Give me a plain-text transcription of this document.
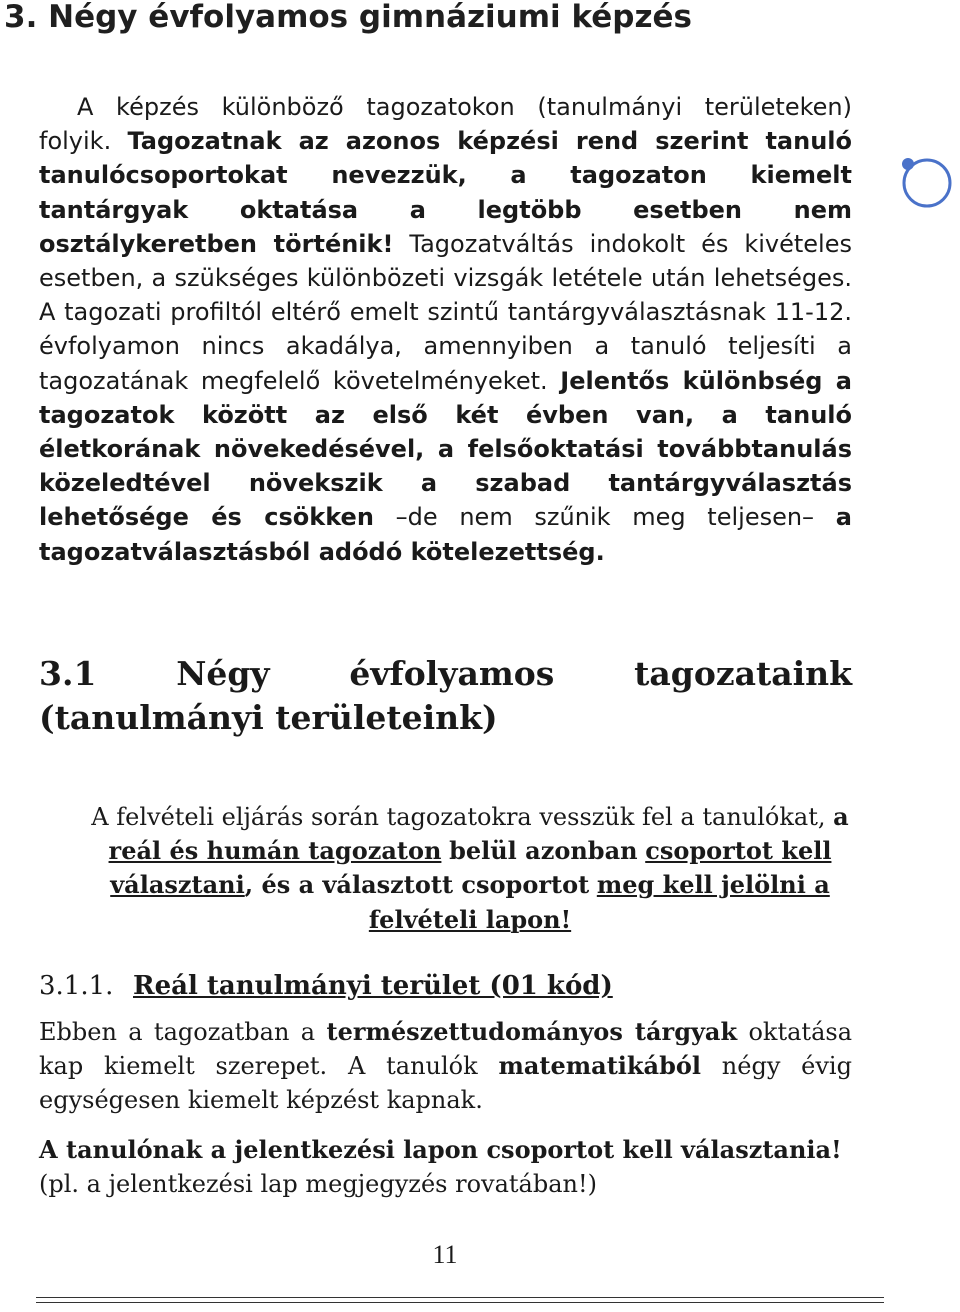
3. Négy évfolyamos gimnáziumi képzés

A képzés különböző tagozatokon (tanulmányi területeken) folyik. Tagozatnak az azonos képzési rend szerint tanuló tanulócsoportokat nevezzük, a tagozaton kiemelt tantárgyak oktatása a legtöbb esetben nem osztálykeretben történik! Tagozatváltás indokolt és kivételes esetben, a szükséges különbözeti vizsgák letétele után lehetséges. A tagozati profiltól eltérő emelt szintű tantárgyválasztásnak 11-12. évfolyamon nincs akadálya, amennyiben a tanuló teljesíti a tagozatának megfelelő követelményeket. Jelentős különbség a tagozatok között az első két évben van, a tanuló életkorának növekedésével, a felsőoktatási továbbtanulás közeledtével növekszik a szabad tantárgyválasztás lehetősége és csökken –de nem szűnik meg teljesen– a tagozatválasztásból adódó kötelezettség.

3.1 Négy évfolyamos tagozataink (tanulmányi területeink)

A felvételi eljárás során tagozatokra vesszük fel a tanulókat, a reál és humán tagozaton belül azonban csoportot kell választani, és a választott csoportot meg kell jelölni a felvételi lapon!

3.1.1. Reál tanulmányi terület (01 kód)

Ebben a tagozatban a természettudományos tárgyak oktatása kap kiemelt szerepet. A tanulók matematikából négy évig egységesen kiemelt képzést kapnak.

A tanulónak a jelentkezési lapon csoportot kell választania!
(pl. a jelentkezési lap megjegyzés rovatában!)

11
